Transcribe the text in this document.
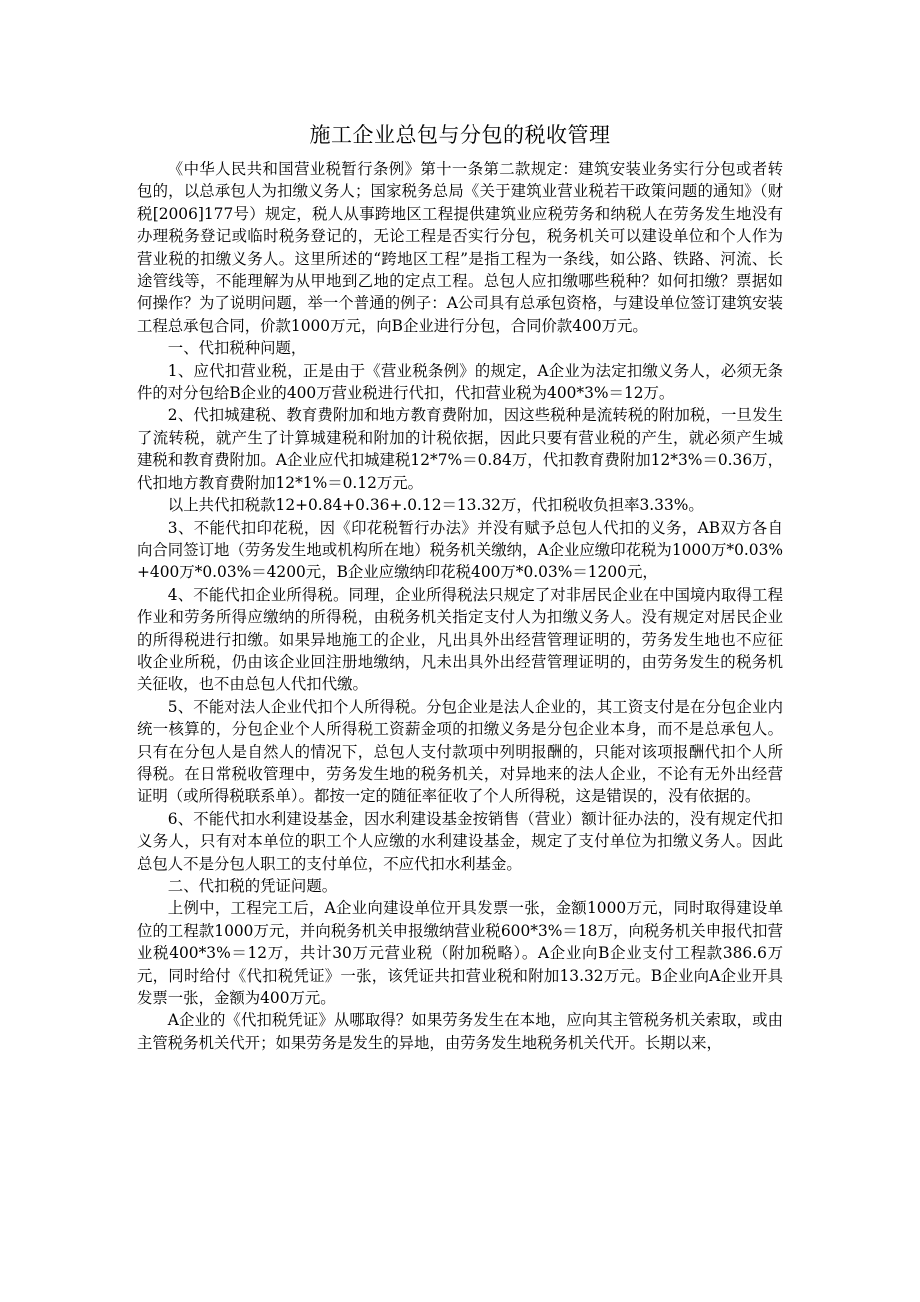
施工企业总包与分包的税收管理

《中华人民共和国营业税暂行条例》第十一条第二款规定：建筑安装业务实行分包或者转包的，以总承包人为扣缴义务人；国家税务总局《关于建筑业营业税若干政策问题的通知》（财税[2006]177号）规定，税人从事跨地区工程提供建筑业应税劳务和纳税人在劳务发生地没有办理税务登记或临时税务登记的，无论工程是否实行分包，税务机关可以建设单位和个人作为营业税的扣缴义务人。这里所述的“跨地区工程”是指工程为一条线，如公路、铁路、河流、长途管线等，不能理解为从甲地到乙地的定点工程。总包人应扣缴哪些税种？如何扣缴？票据如何操作？为了说明问题，举一个普通的例子：A公司具有总承包资格，与建设单位签订建筑安装工程总承包合同，价款1000万元，向B企业进行分包，合同价款400万元。

一、代扣税种问题，

1、应代扣营业税，正是由于《营业税条例》的规定，A企业为法定扣缴义务人，必须无条件的对分包给B企业的400万营业税进行代扣，代扣营业税为400*3%＝12万。

2、代扣城建税、教育费附加和地方教育费附加，因这些税种是流转税的附加税，一旦发生了流转税，就产生了计算城建税和附加的计税依据，因此只要有营业税的产生，就必须产生城建税和教育费附加。A企业应代扣城建税12*7%＝0.84万，代扣教育费附加12*3%＝0.36万，代扣地方教育费附加12*1%＝0.12万元。

以上共代扣税款12+0.84+0.36+.0.12＝13.32万，代扣税收负担率3.33%。

3、不能代扣印花税，因《印花税暂行办法》并没有赋予总包人代扣的义务，AB双方各自向合同签订地（劳务发生地或机构所在地）税务机关缴纳，A企业应缴印花税为1000万*0.03%+400万*0.03%＝4200元，B企业应缴纳印花税400万*0.03%＝1200元，

4、不能代扣企业所得税。同理，企业所得税法只规定了对非居民企业在中国境内取得工程作业和劳务所得应缴纳的所得税，由税务机关指定支付人为扣缴义务人。没有规定对居民企业的所得税进行扣缴。如果异地施工的企业，凡出具外出经营管理证明的，劳务发生地也不应征收企业所税，仍由该企业回注册地缴纳，凡未出具外出经营管理证明的，由劳务发生的税务机关征收，也不由总包人代扣代缴。

5、不能对法人企业代扣个人所得税。分包企业是法人企业的，其工资支付是在分包企业内统一核算的，分包企业个人所得税工资薪金项的扣缴义务是分包企业本身，而不是总承包人。只有在分包人是自然人的情况下，总包人支付款项中列明报酬的，只能对该项报酬代扣个人所得税。在日常税收管理中，劳务发生地的税务机关，对异地来的法人企业，不论有无外出经营证明（或所得税联系单）。都按一定的随征率征收了个人所得税，这是错误的，没有依据的。

6、不能代扣水利建设基金，因水利建设基金按销售（营业）额计征办法的，没有规定代扣义务人，只有对本单位的职工个人应缴的水利建设基金，规定了支付单位为扣缴义务人。因此总包人不是分包人职工的支付单位，不应代扣水利基金。

二、代扣税的凭证问题。

上例中，工程完工后，A企业向建设单位开具发票一张，金额1000万元，同时取得建设单位的工程款1000万元，并向税务机关申报缴纳营业税600*3%＝18万，向税务机关申报代扣营业税400*3%＝12万，共计30万元营业税（附加税略）。A企业向B企业支付工程款386.6万元，同时给付《代扣税凭证》一张，该凭证共扣营业税和附加13.32万元。B企业向A企业开具发票一张，金额为400万元。

A企业的《代扣税凭证》从哪取得？如果劳务发生在本地，应向其主管税务机关索取，或由主管税务机关代开；如果劳务是发生的异地，由劳务发生地税务机关代开。长期以来，
